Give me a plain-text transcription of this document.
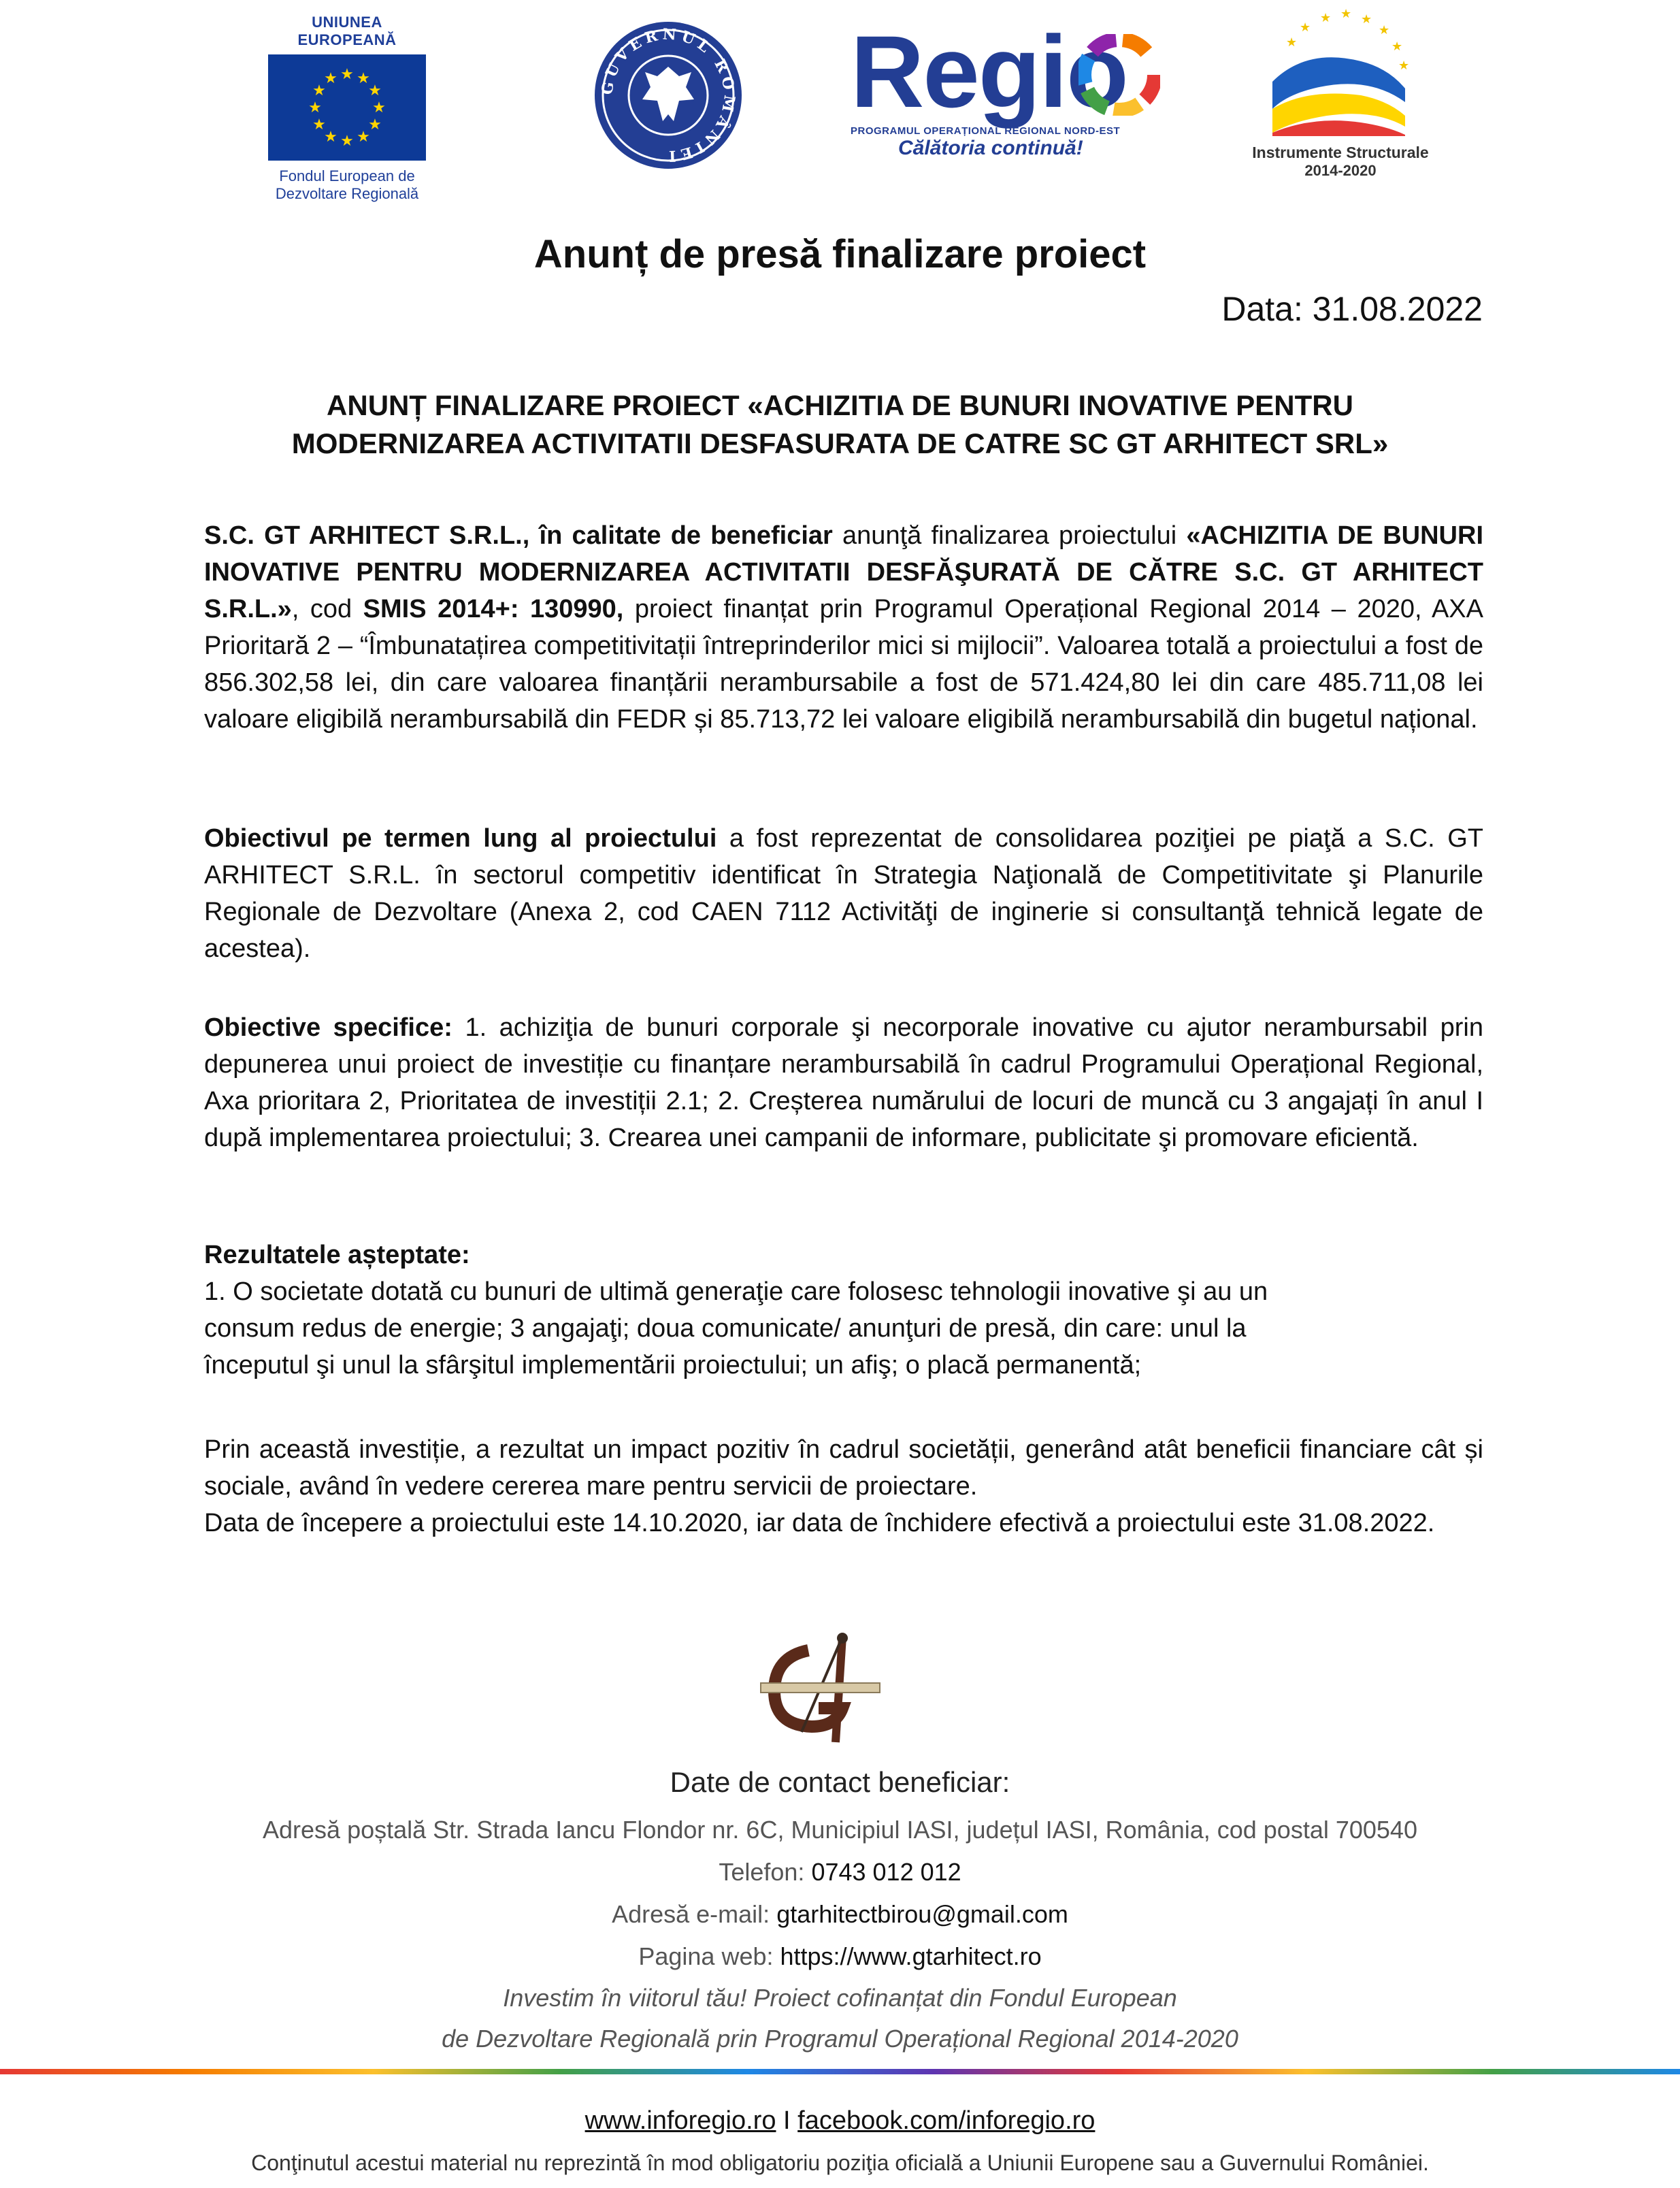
UNIUNEA EUROPEANĂ
★ ★
★
★
★
★
★
★
★
★
★
★
Fondul European de
Dezvoltare Regională
GUVERNUL ROMÂNIEI
Regio
PROGRAMUL OPERAȚIONAL REGIONAL NORD-EST
Călătoria continuă!
★ ★ ★
★
★
★
★
★
Instrumente Structurale
2014-2020
Anunț de presă finalizare proiect
Data: 31.08.2022
ANUNȚ FINALIZARE PROIECT «ACHIZITIA DE BUNURI INOVATIVE PENTRU
MODERNIZAREA ACTIVITATII DESFASURATA DE CATRE SC GT ARHITECT SRL»
S.C. GT ARHITECT S.R.L., în calitate de beneficiar anunţă finalizarea proiectului «ACHIZITIA DE BUNURI INOVATIVE PENTRU MODERNIZAREA ACTIVITATII DESFĂŞURATĂ DE CĂTRE S.C. GT ARHITECT S.R.L.», cod SMIS 2014+: 130990, proiect finanțat prin Programul Operațional Regional 2014 – 2020, AXA Prioritară 2 – “Îmbunatațirea competitivitații întreprinderilor mici si mijlocii”. Valoarea totală a proiectului a fost de 856.302,58 lei, din care valoarea finanțării nerambursabile a fost de 571.424,80 lei din care 485.711,08 lei valoare eligibilă nerambursabilă din FEDR și 85.713,72 lei valoare eligibilă nerambursabilă din bugetul național.
Obiectivul pe termen lung al proiectului a fost reprezentat de consolidarea poziţiei pe piaţă a S.C. GT ARHITECT S.R.L. în sectorul competitiv identificat în Strategia Naţională de Competitivitate şi Planurile Regionale de Dezvoltare (Anexa 2, cod CAEN 7112 Activităţi de inginerie si consultanţă tehnică legate de acestea).
Obiective specifice: 1. achiziţia de bunuri corporale şi necorporale inovative cu ajutor nerambursabil prin depunerea unui proiect de investiție cu finanțare nerambursabilă în cadrul Programului Operațional Regional, Axa prioritara 2, Prioritatea de investiții 2.1; 2. Creșterea numărului de locuri de muncă cu 3 angajați în anul I după implementarea proiectului; 3. Crearea unei campanii de informare, publicitate şi promovare eficientă.
Rezultatele așteptate:
1. O societate dotată cu bunuri de ultimă generaţie care folosesc tehnologii inovative şi au un
consum redus de energie; 3 angajaţi; doua comunicate/ anunţuri de presă, din care: unul la
începutul şi unul la sfârşitul implementării proiectului; un afiş; o placă permanentă;
Prin această investiție, a rezultat un impact pozitiv în cadrul societății, generând atât beneficii financiare cât și sociale, având în vedere cererea mare pentru servicii de proiectare.
Data de începere a proiectului este 14.10.2020, iar data de închidere efectivă a proiectului este 31.08.2022.
Date de contact beneficiar:
Adresă poștală Str. Strada Iancu Flondor nr. 6C, Municipiul IASI, județul IASI, România, cod postal 700540
Telefon: 0743 012 012
Adresă e-mail: gtarhitectbirou@gmail.com
Pagina web: https://www.gtarhitect.ro
Investim în viitorul tău! Proiect cofinanțat din Fondul European
de Dezvoltare Regională prin Programul Operațional Regional 2014-2020
www.inforegio.ro I facebook.com/inforegio.ro
Conţinutul acestui material nu reprezintă în mod obligatoriu poziţia oficială a Uniunii Europene sau a Guvernului României.
